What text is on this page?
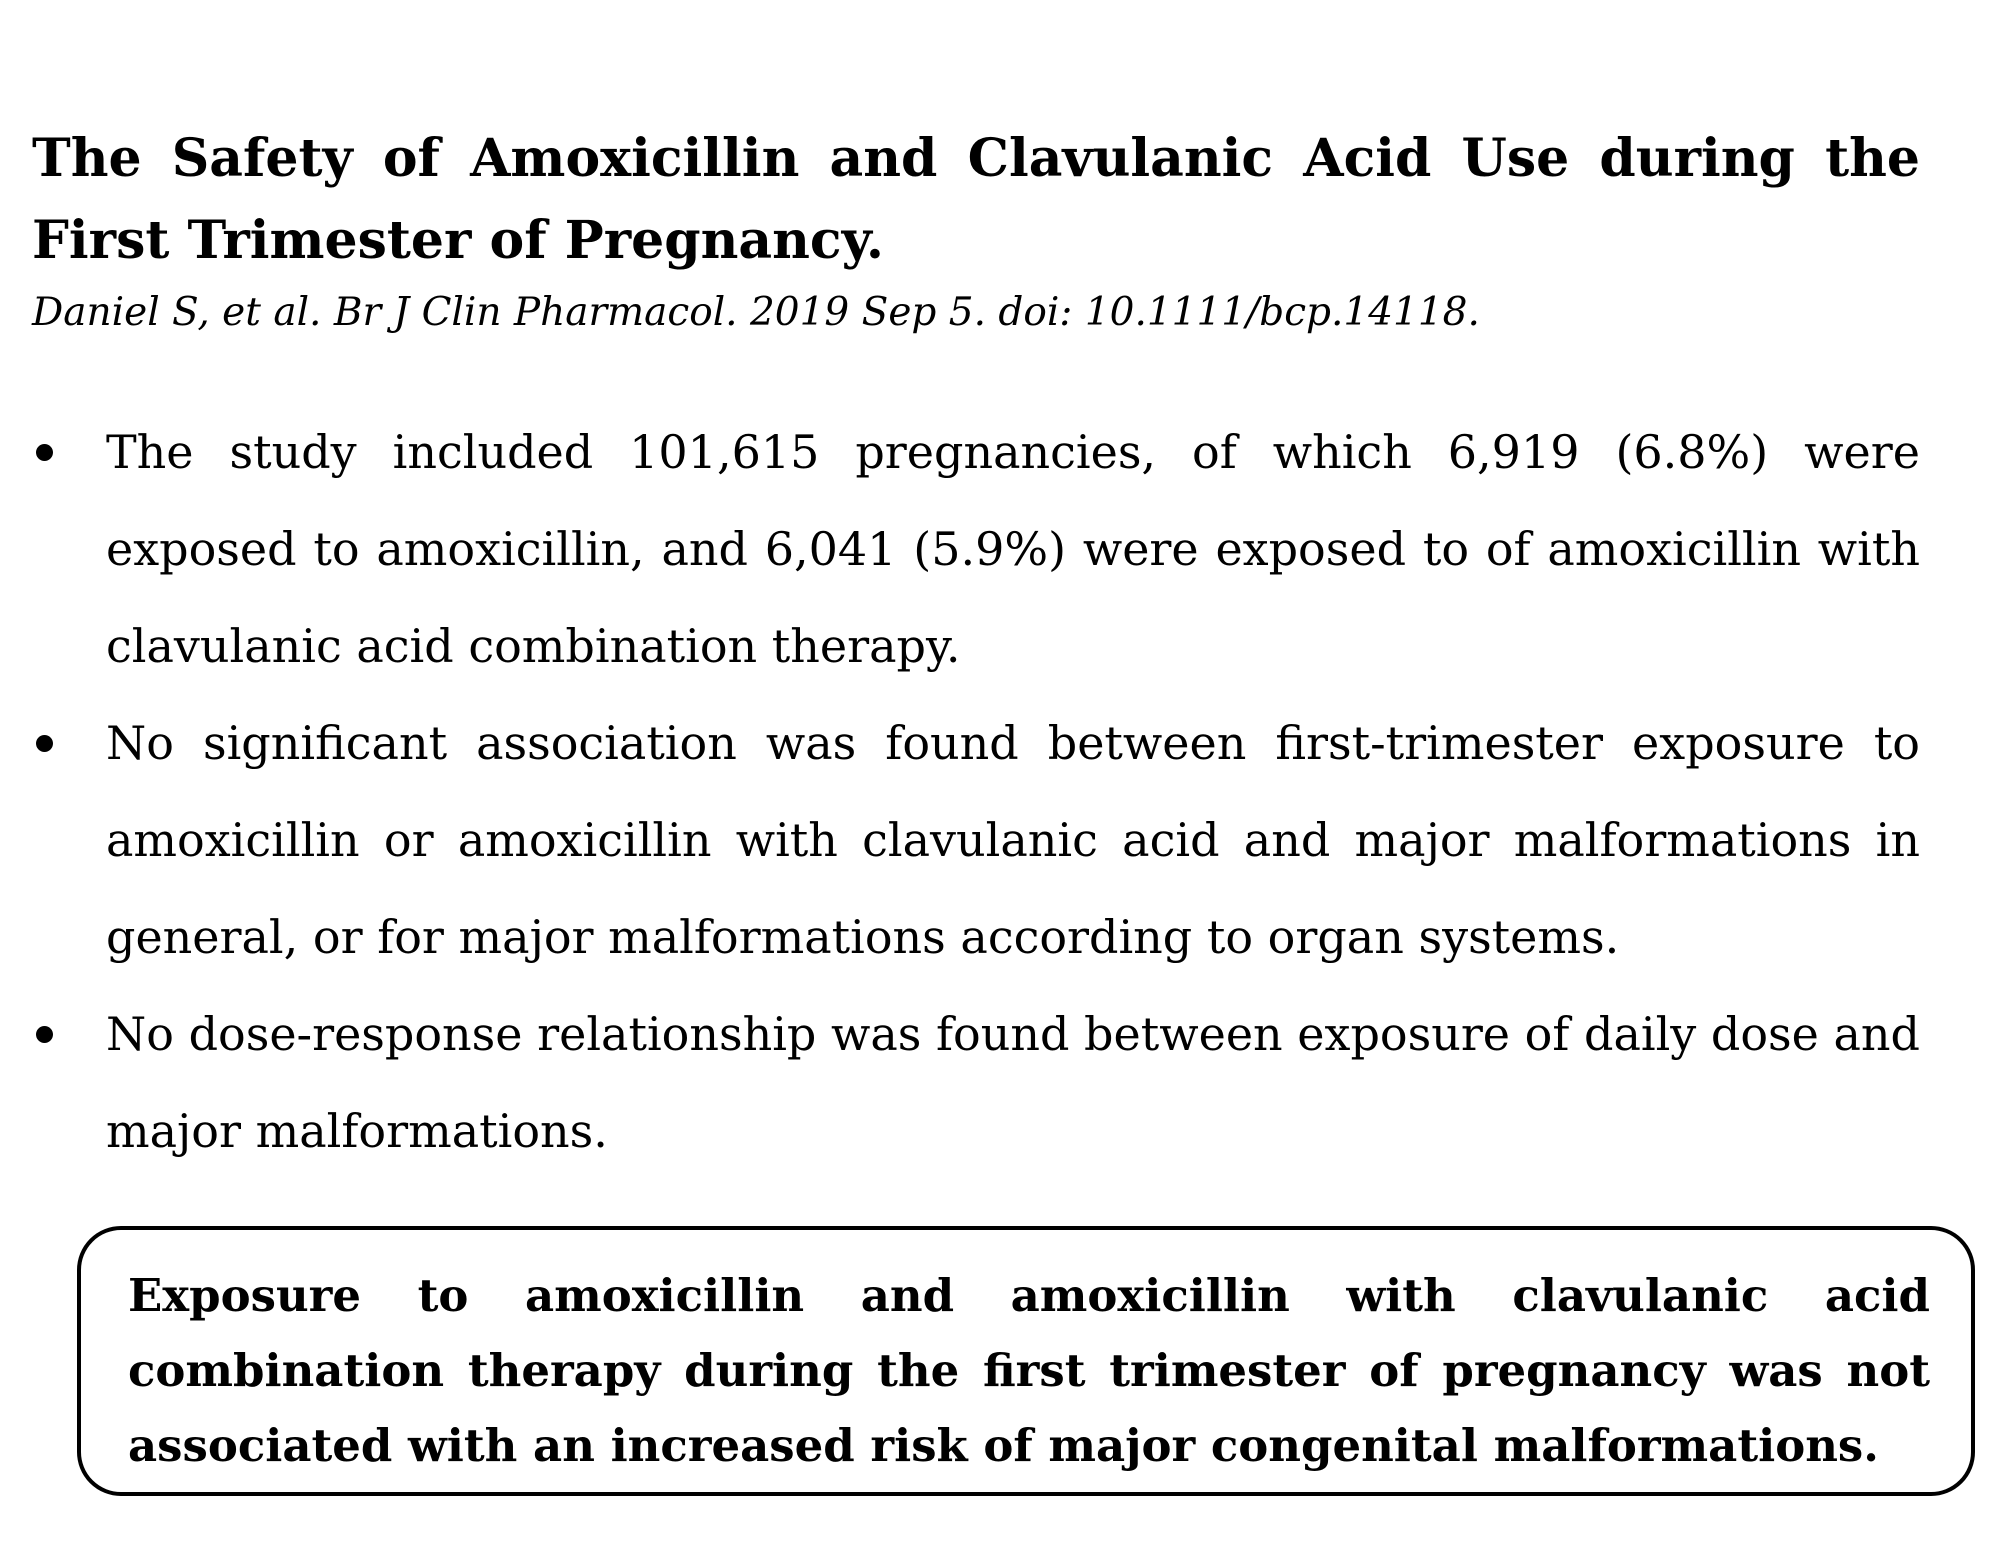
The Safety of Amoxicillin and Clavulanic Acid Use during the First Trimester of Pregnancy.

Daniel S, et al. Br J Clin Pharmacol. 2019 Sep 5. doi: 10.1111/bcp.14118.

The study included 101,615 pregnancies, of which 6,919 (6.8%) were exposed to amoxicillin, and 6,041 (5.9%) were exposed to of amoxicillin with clavulanic acid combination therapy.
No significant association was found between first-trimester exposure to amoxicillin or amoxicillin with clavulanic acid and major malformations in general, or for major malformations according to organ systems.
No dose-response relationship was found between exposure of daily dose and major malformations.

Exposure to amoxicillin and amoxicillin with clavulanic acid combination therapy during the first trimester of pregnancy was not associated with an increased risk of major congenital malformations.
